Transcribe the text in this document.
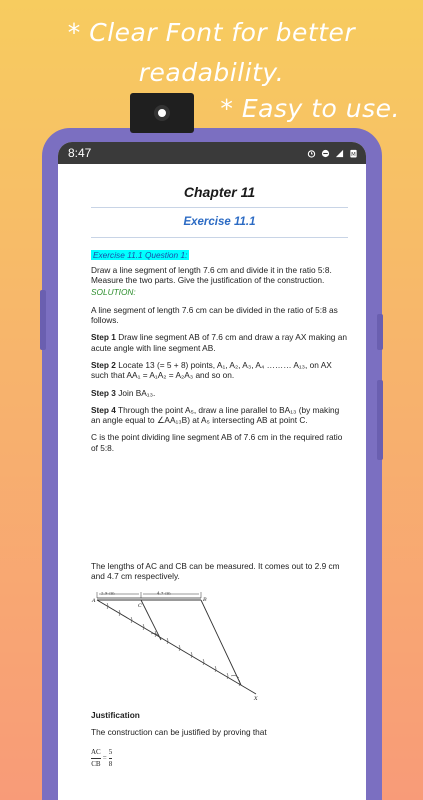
* Clear Font for better
readability.
* Easy to use.
8:47	M
Chapter 11
Exercise 11.1
Exercise 11.1 Question 1:
Draw a line segment of length 7.6 cm and divide it in the ratio 5:8. Measure the two parts. Give the justification of the construction.
SOLUTION:
A line segment of length 7.6 cm can be divided in the ratio of 5:8 as follows.
Step 1 Draw line segment AB of 7.6 cm and draw a ray AX making an acute angle with line segment AB.
Step 2 Locate 13 (= 5 + 8) points, A₁, A₂, A₃, A₄ ……… A₁₃, on AX such that AA₁ = A₁A₂ = A₂A₃ and so on.
Step 3 Join BA₁₃.
Step 4 Through the point A₅, draw a line parallel to BA₁₃ (by making an angle equal to ∠AA₁₃B) at A₅ intersecting AB at point C.
C is the point dividing line segment AB of 7.6 cm in the required ratio of 5:8.
The lengths of AC and CB can be measured. It comes out to 2.9 cm and 4.7 cm respectively.
2.9 cm	4.7 cm
A
C
B
X
Justification
The construction can be justified by proving that
$\frac{AC}{CB} = \frac{5}{8}$
